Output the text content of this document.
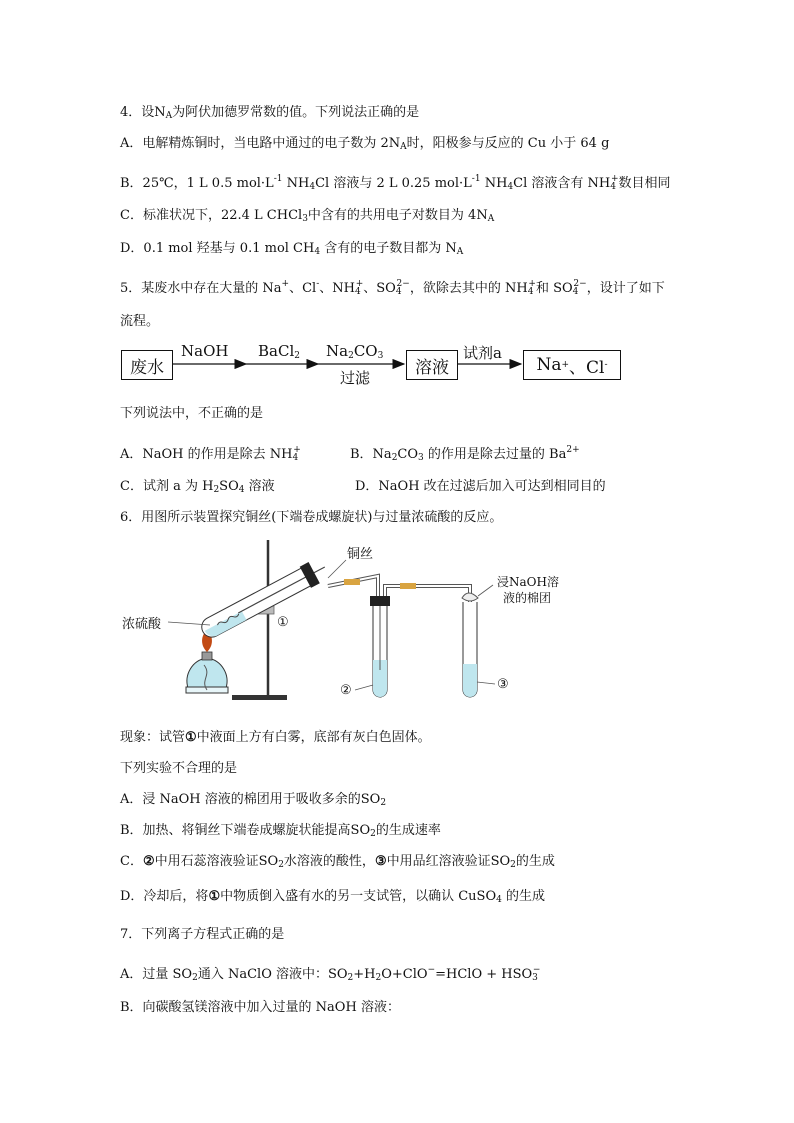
4．设$N_A$为阿伏加德罗常数的值。下列说法正确的是
A．电解精炼铜时，当电路中通过的电子数为 $2N_A$时，阳极参与反应的 Cu 小于 64 g
B．25℃，1 L 0.5 $mol\cdot L^{-1}$ $NH_4Cl$ 溶液与 2 L 0.25 $mol\cdot L^{-1}$ $NH_4Cl$ 溶液含有 $NH_4^+$数目相同
C．标准状况下，22.4 L CHCl$_3$中含有的共用电子对数目为 $4N_A$
D．0.1 mol 羟基与 0.1 mol $CH_4$ 含有的电子数目都为 $N_A$
5．某废水中存在大量的 Na+、Cl-、$NH_4^+$、$SO_4^{2-}$，欲除去其中的 $NH_4^+$和 $SO_4^{2-}$，设计了如下
流程。
废水	溶液	Na + 、Cl -
NaOH BaCl$_2$ $Na_2CO_3$
过滤
试剂a
下列说法中，不正确的是
A．NaOH 的作用是除去 $NH_4^+$	B．$Na_2CO_3$ 的作用是除去过量的 $Ba^{2+}$
C．试剂 a 为 $H_2SO_4$ 溶液	D．NaOH 改在过滤后加入可达到相同目的
6．用图所示装置探究铜丝(下端卷成螺旋状)与过量浓硫酸的反应。
铜丝
浓硫酸	①
②	③
浸NaOH溶
液的棉团
现象：试管①中液面上方有白雾，底部有灰白色固体。
下列实验不合理的是
A．浸 NaOH 溶液的棉团用于吸收多余的$SO_2$
B．加热、将铜丝下端卷成螺旋状能提高$SO_2$的生成速率
C．②中用石蕊溶液验证$SO_2$水溶液的酸性，③中用品红溶液验证$SO_2$的生成
D．冷却后，将①中物质倒入盛有水的另一支试管，以确认 CuSO$_4$ 的生成
7．下列离子方程式正确的是
A．过量 $SO_2$通入 NaClO 溶液中：$SO_2+H_2O+ClO^-=HClO + HSO_3^-$
B．向碳酸氢镁溶液中加入过量的 NaOH 溶液：
